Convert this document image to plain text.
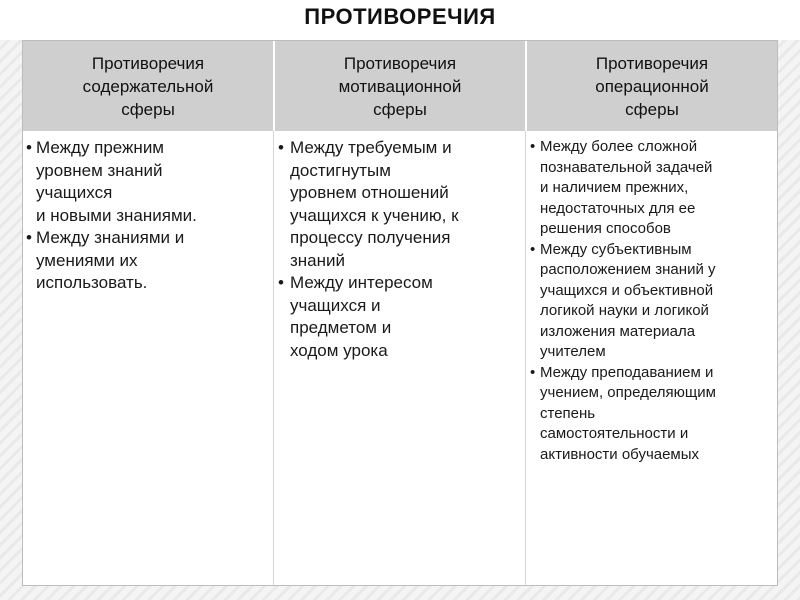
ПРОТИВОРЕЧИЯ
Противоречия
содержательной
сферы
Противоречия
мотивационной
сферы
Противоречия
операционной
сферы
• Между прежним
уровнем знаний
учащихся
и новыми знаниями.
• Между знаниями и
умениями их
использовать.
• Между требуемым и
достигнутым
уровнем отношений
учащихся к учению, к
процессу получения
знаний
• Между интересом
учащихся и
предметом и
ходом урока
• Между более сложной
познавательной задачей
и наличием прежних,
недостаточных для ее
решения способов
• Между субъективным
расположением знаний у
учащихся и объективной
логикой науки и логикой
изложения материала
учителем
• Между преподаванием и
учением, определяющим
степень
самостоятельности и
активности обучаемых
